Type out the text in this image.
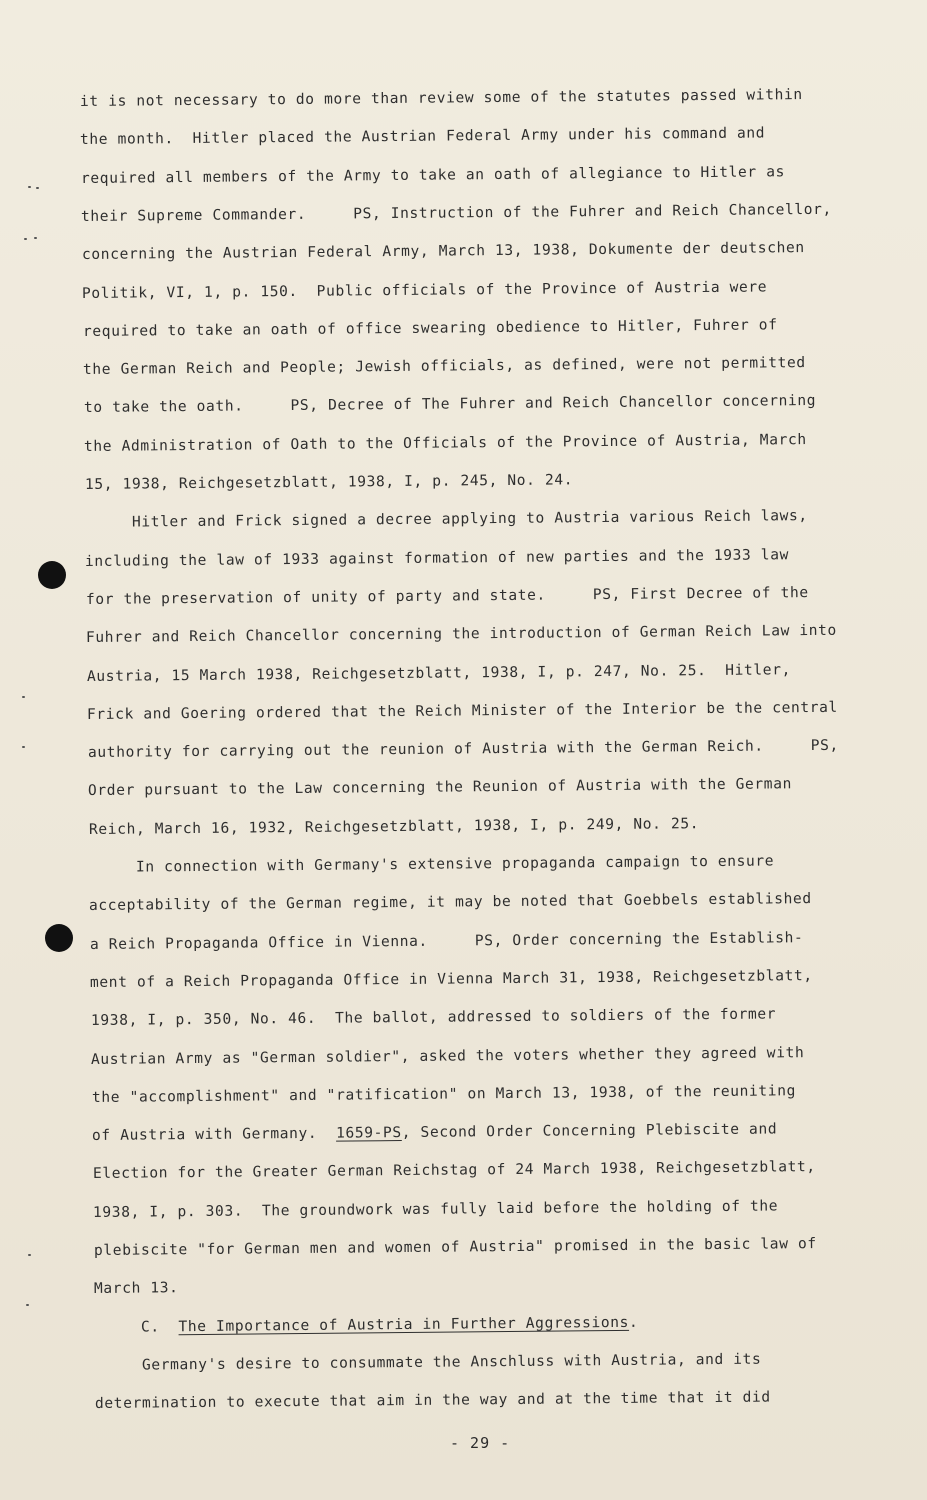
it is not necessary to do more than review some of the statutes passed within
the month.  Hitler placed the Austrian Federal Army under his command and
required all members of the Army to take an oath of allegiance to Hitler as
their Supreme Commander.     PS, Instruction of the Fuhrer and Reich Chancellor,
concerning the Austrian Federal Army, March 13, 1938, Dokumente der deutschen
Politik, VI, 1, p. 150.  Public officials of the Province of Austria were
required to take an oath of office swearing obedience to Hitler, Fuhrer of
the German Reich and People; Jewish officials, as defined, were not permitted
to take the oath.     PS, Decree of The Fuhrer and Reich Chancellor concerning
the Administration of Oath to the Officials of the Province of Austria, March
15, 1938, Reichgesetzblatt, 1938, I, p. 245, No. 24.
Hitler and Frick signed a decree applying to Austria various Reich laws,
including the law of 1933 against formation of new parties and the 1933 law
for the preservation of unity of party and state.     PS, First Decree of the
Fuhrer and Reich Chancellor concerning the introduction of German Reich Law into
Austria, 15 March 1938, Reichgesetzblatt, 1938, I, p. 247, No. 25.  Hitler,
Frick and Goering ordered that the Reich Minister of the Interior be the central
authority for carrying out the reunion of Austria with the German Reich.     PS,
Order pursuant to the Law concerning the Reunion of Austria with the German
Reich, March 16, 1932, Reichgesetzblatt, 1938, I, p. 249, No. 25.
In connection with Germany's extensive propaganda campaign to ensure
acceptability of the German regime, it may be noted that Goebbels established
a Reich Propaganda Office in Vienna.     PS, Order concerning the Establish-
ment of a Reich Propaganda Office in Vienna March 31, 1938, Reichgesetzblatt,
1938, I, p. 350, No. 46.  The ballot, addressed to soldiers of the former
Austrian Army as "German soldier", asked the voters whether they agreed with
the "accomplishment" and "ratification" on March 13, 1938, of the reuniting
of Austria with Germany.  1659-PS, Second Order Concerning Plebiscite and
Election for the Greater German Reichstag of 24 March 1938, Reichgesetzblatt,
1938, I, p. 303.  The groundwork was fully laid before the holding of the
plebiscite "for German men and women of Austria" promised in the basic law of
March 13.
C.  The Importance of Austria in Further Aggressions.
Germany's desire to consummate the Anschluss with Austria, and its
determination to execute that aim in the way and at the time that it did
- 29 -
